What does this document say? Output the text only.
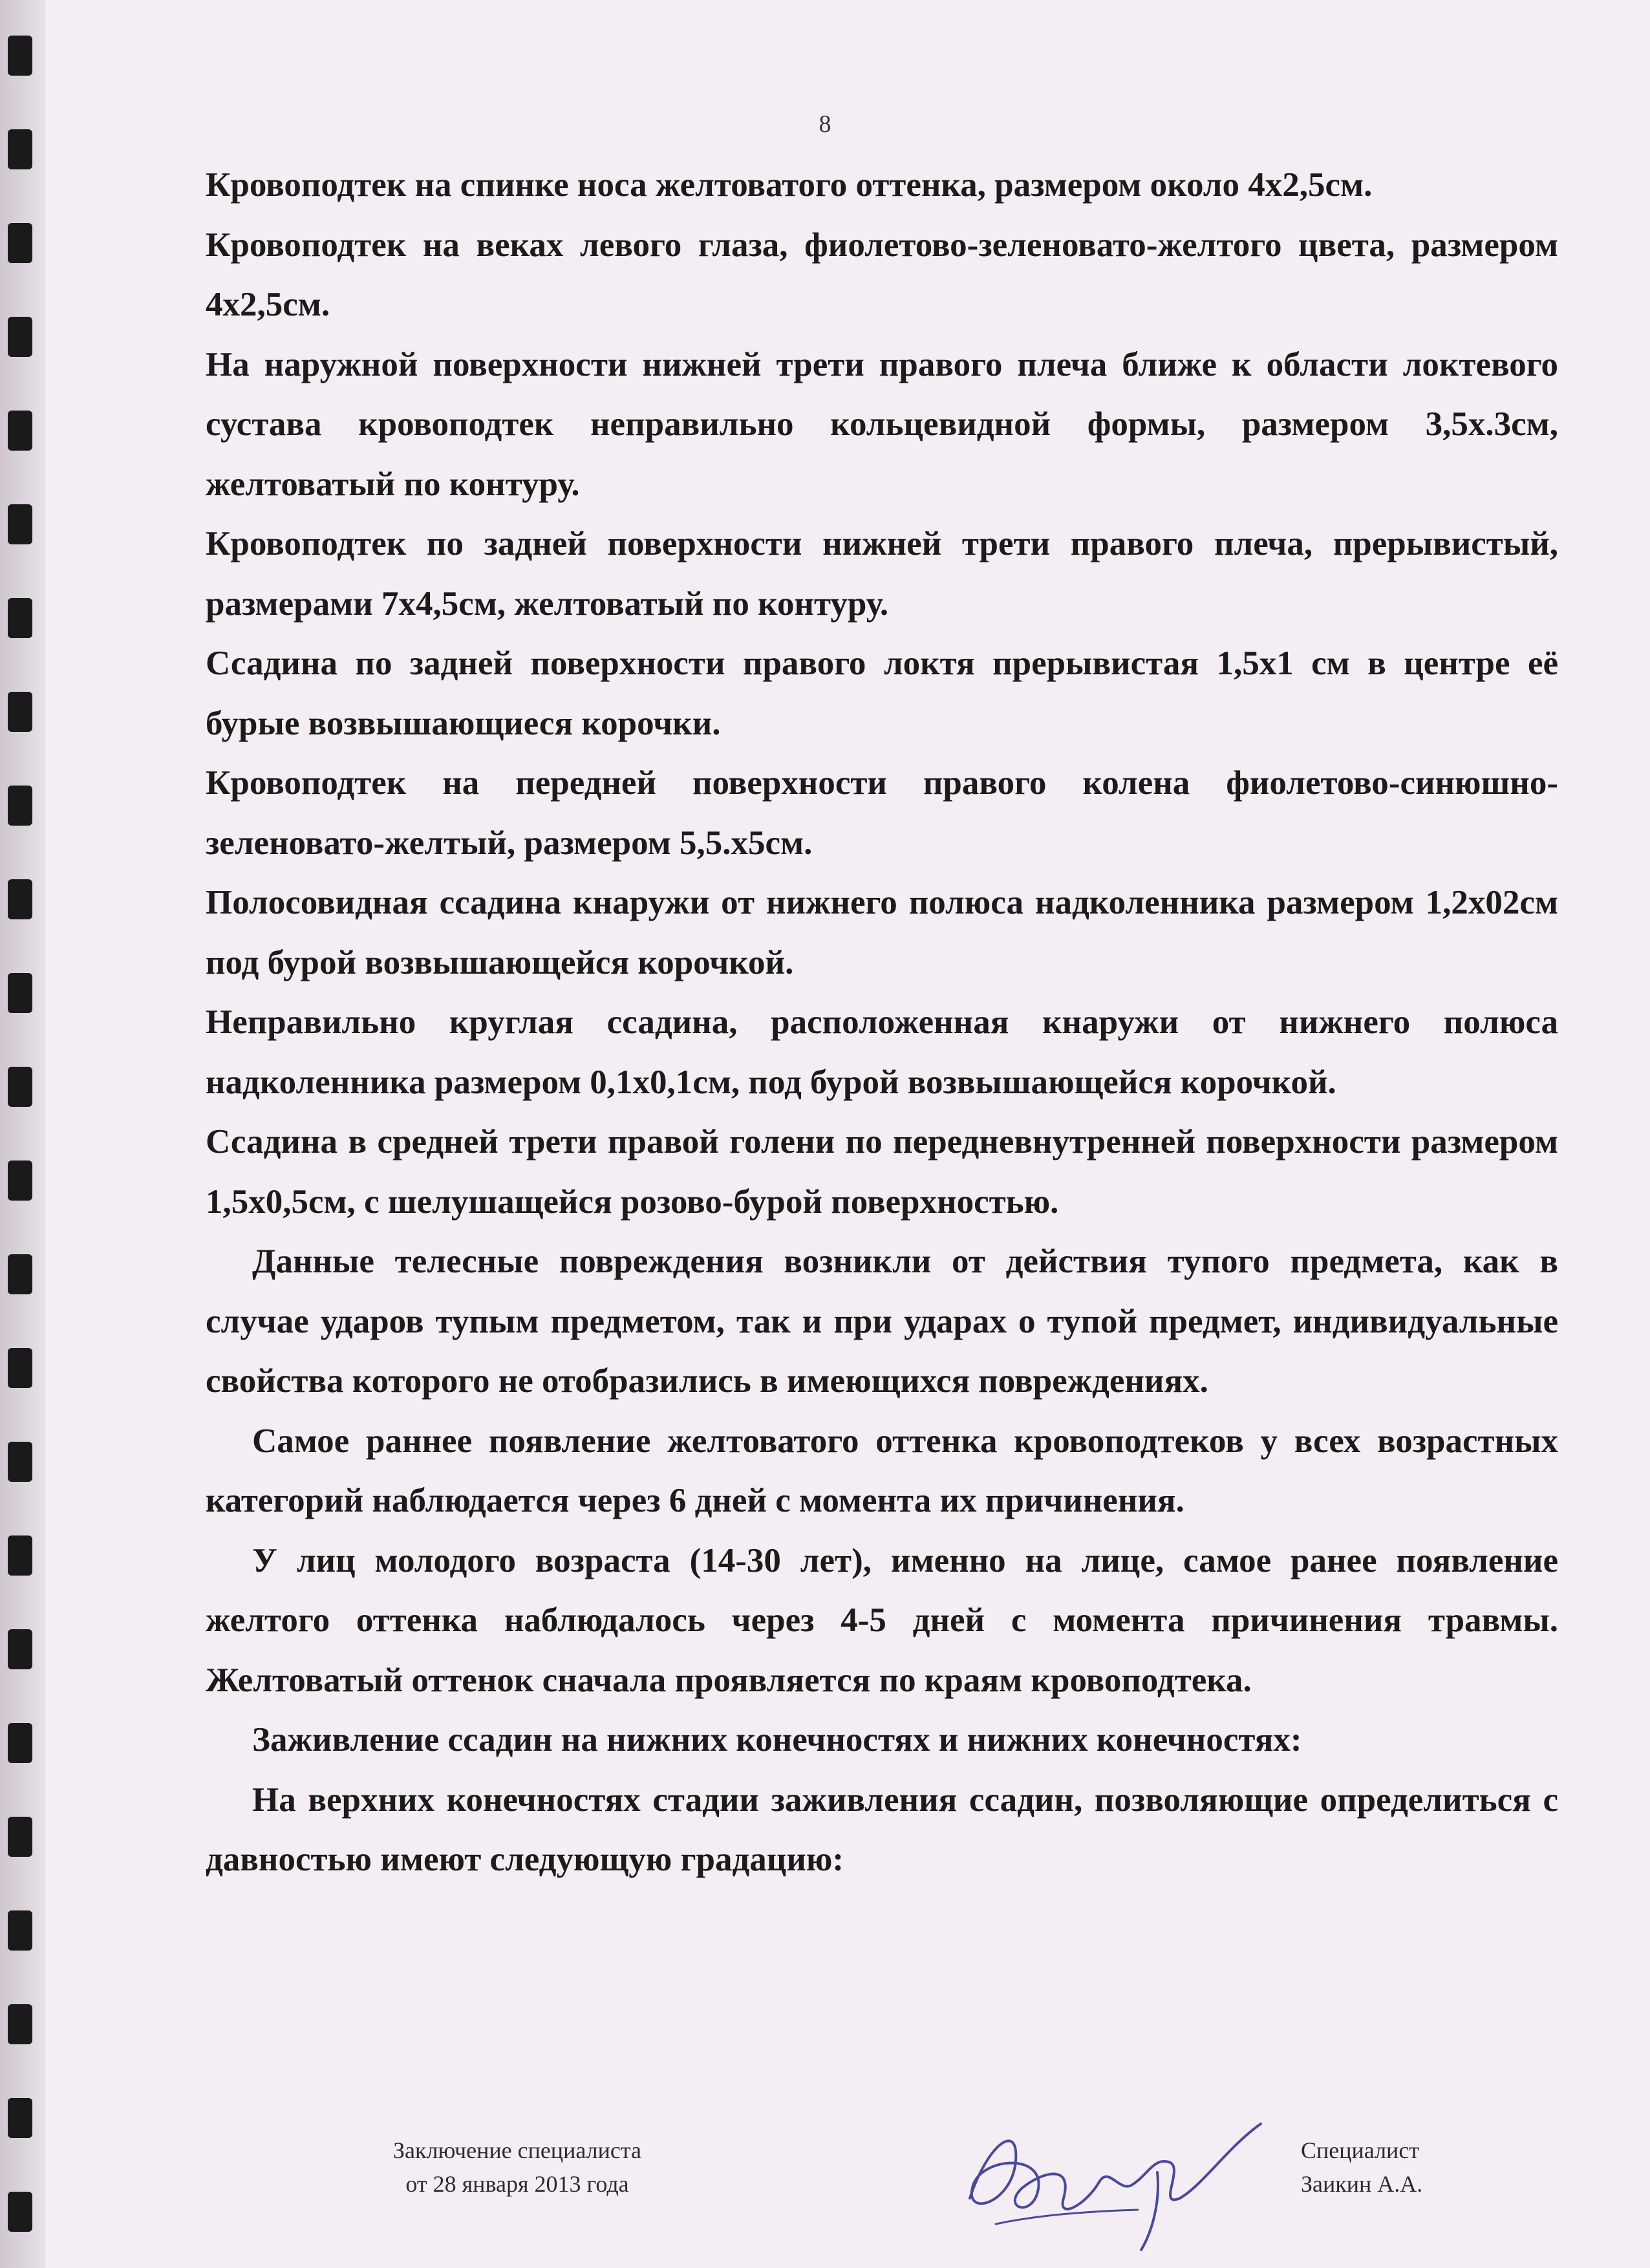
8

Кровоподтек на спинке носа желтоватого оттенка, размером около 4х2,5см.

Кровоподтек на веках левого глаза, фиолетово-зеленовато-желтого цвета, размером 4х2,5см.

На наружной поверхности нижней трети правого плеча ближе к области локтевого сустава кровоподтек неправильно кольцевидной формы, размером 3,5х.3см, желтоватый по контуру.

Кровоподтек по задней поверхности нижней трети правого плеча, прерывистый, размерами 7х4,5см, желтоватый по контуру.

Ссадина по задней поверхности правого локтя прерывистая 1,5х1 см в центре её бурые возвышающиеся корочки.

Кровоподтек на передней поверхности правого колена фиолетово-синюшно-зеленовато-желтый, размером 5,5.х5см.

Полосовидная ссадина кнаружи от нижнего полюса надколенника размером 1,2х02см под бурой возвышающейся корочкой.

Неправильно круглая ссадина, расположенная кнаружи от нижнего полюса надколенника размером 0,1х0,1см, под бурой возвышающейся корочкой.

Ссадина в средней трети правой голени по передневнутренней поверхности размером 1,5х0,5см, с шелушащейся розово-бурой поверхностью.

Данные телесные повреждения возникли от действия тупого предмета, как в случае ударов тупым предметом, так и при ударах о тупой предмет, индивидуальные свойства которого не отобразились в имеющихся повреждениях.

Самое раннее появление желтоватого оттенка кровоподтеков у всех возрастных категорий наблюдается через 6 дней с момента их причинения.

У лиц молодого возраста (14-30 лет), именно на лице, самое ранее появление желтого оттенка наблюдалось через 4-5 дней с момента причинения травмы. Желтоватый оттенок сначала проявляется по краям кровоподтека.

Заживление ссадин на нижних конечностях и нижних конечностях:

На верхних конечностях стадии заживления ссадин, позволяющие определиться с давностью имеют следующую градацию:

Заключение специалиста
от 28 января 2013 года
Специалист
Заикин А.А.
